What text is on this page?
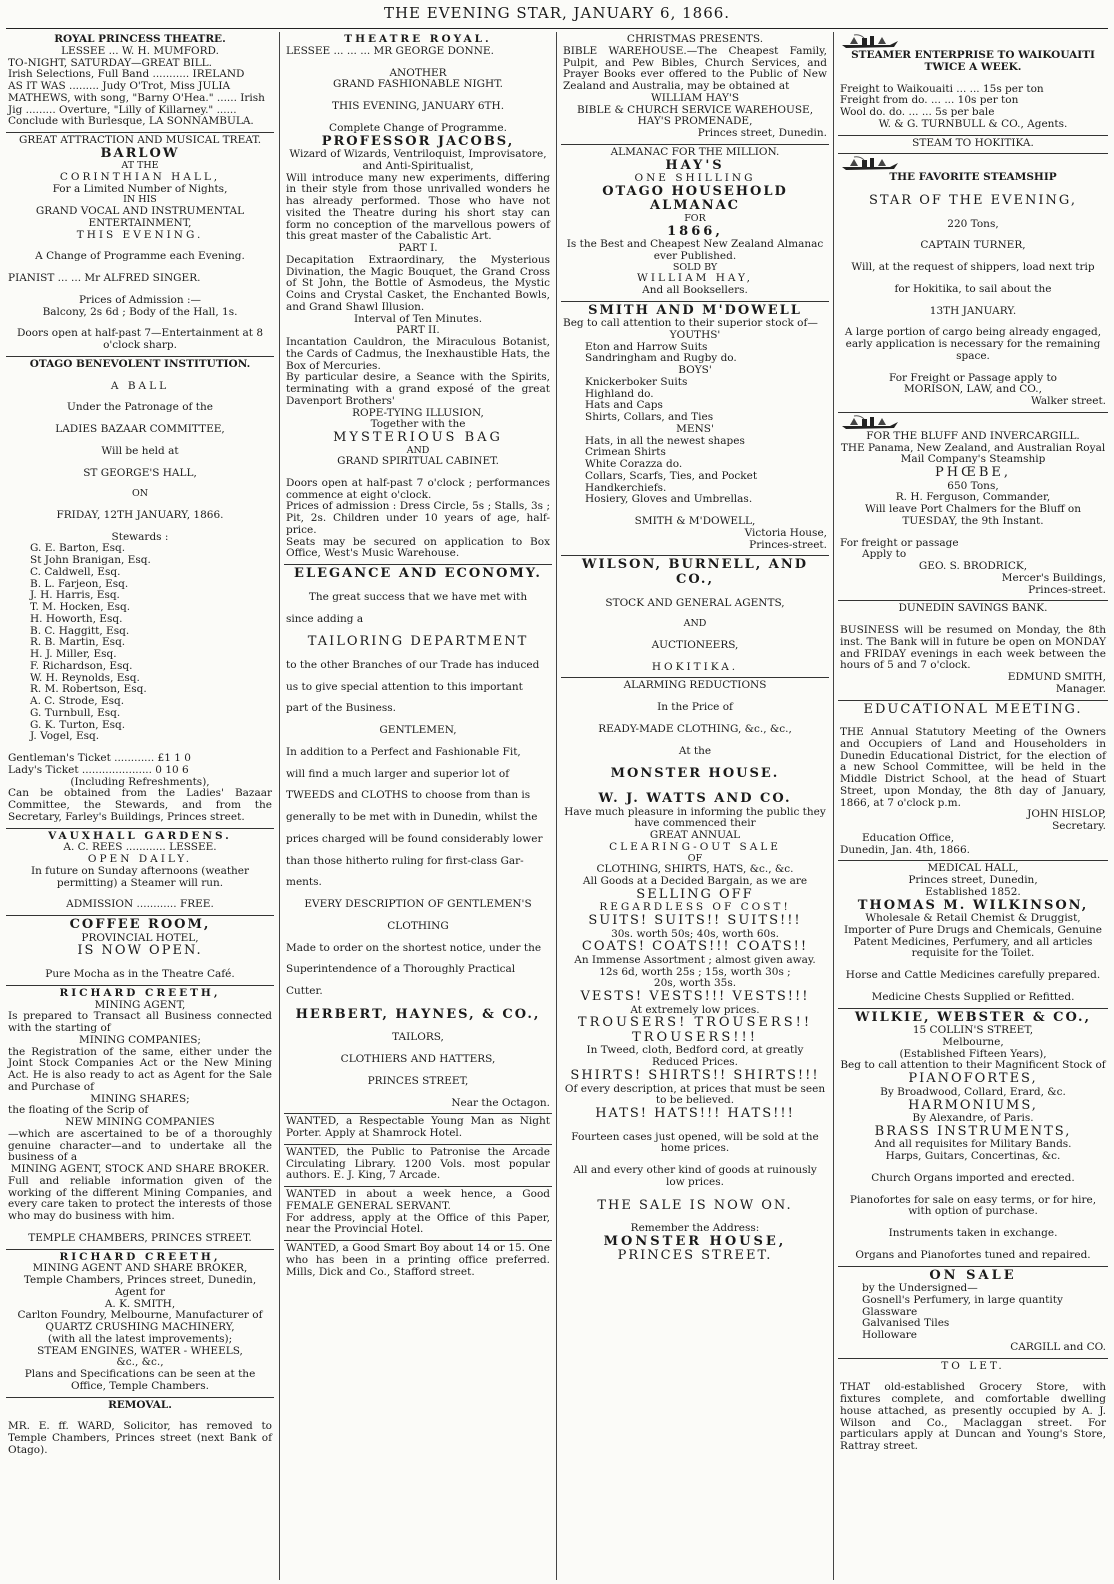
THE EVENING STAR, JANUARY 6, 1866.
ROYAL PRINCESS THEATRE.
LESSEE ... W. H. MUMFORD.
TO-NIGHT, SATURDAY—GREAT BILL.
Irish Selections, Full Band ........... IRELAND
AS IT WAS ......... Judy O'Trot, Miss JULIA
MATHEWS, with song, "Barny O'Hea." ...... Irish
Jig ......... Overture, "Lilly of Killarney." ......
Conclude with Burlesque, LA SONNAMBULA.
GREAT ATTRACTION AND MUSICAL TREAT.
BARLOW
AT THE
CORINTHIAN HALL,
For a Limited Number of Nights,
IN HIS
GRAND VOCAL AND INSTRUMENTAL
ENTERTAINMENT,
THIS EVENING.
A Change of Programme each Evening.
PIANIST ... ... Mr ALFRED SINGER.
Prices of Admission :—
Balcony, 2s 6d ; Body of the Hall, 1s.
Doors open at half-past 7—Entertainment at 8 o'clock sharp.
OTAGO BENEVOLENT INSTITUTION.
A BALL
Under the Patronage of the
LADIES BAZAAR COMMITTEE,
Will be held at
ST GEORGE'S HALL,
ON
FRIDAY, 12TH JANUARY, 1866.
Stewards :
G. E. Barton, Esq.
St John Branigan, Esq.
C. Caldwell, Esq.
B. L. Farjeon, Esq.
J. H. Harris, Esq.
T. M. Hocken, Esq.
H. Howorth, Esq.
B. C. Haggitt, Esq.
R. B. Martin, Esq.
H. J. Miller, Esq.
F. Richardson, Esq.
W. H. Reynolds, Esq.
R. M. Robertson, Esq.
A. C. Strode, Esq.
G. Turnbull, Esq.
G. K. Turton, Esq.
J. Vogel, Esq.
Gentleman's Ticket ............ £1 1 0
Lady's Ticket ..................... 0 10 6
(Including Refreshments),
Can be obtained from the Ladies' Bazaar Committee, the Stewards, and from the Secretary, Farley's Buildings, Princes street.
VAUXHALL GARDENS.
A. C. REES ............ LESSEE.
OPEN DAILY.
In future on Sunday afternoons (weather permitting) a Steamer will run.
ADMISSION ............ FREE.
COFFEE ROOM,
PROVINCIAL HOTEL,
IS NOW OPEN.
Pure Mocha as in the Theatre Café.
RICHARD CREETH,
MINING AGENT,
Is prepared to Transact all Business connected with the starting of
MINING COMPANIES;
the Registration of the same, either under the Joint Stock Companies Act or the New Mining Act. He is also ready to act as Agent for the Sale and Purchase of
MINING SHARES;
the floating of the Scrip of
NEW MINING COMPANIES
—which are ascertained to be of a thoroughly genuine character—and to undertake all the business of a
MINING AGENT, STOCK AND SHARE BROKER.
Full and reliable information given of the working of the different Mining Companies, and every care taken to protect the interests of those who may do business with him.
TEMPLE CHAMBERS, PRINCES STREET.
RICHARD CREETH,
MINING AGENT AND SHARE BROKER,
Temple Chambers, Princes street, Dunedin,
Agent for
A. K. SMITH,
Carlton Foundry, Melbourne, Manufacturer of
QUARTZ CRUSHING MACHINERY,
(with all the latest improvements);
STEAM ENGINES, WATER - WHEELS,
&c., &c.,
Plans and Specifications can be seen at the Office, Temple Chambers.
REMOVAL.
MR. E. ff. WARD, Solicitor, has removed to Temple Chambers, Princes street (next Bank of Otago).
THEATRE ROYAL.
LESSEE ... ... ... MR GEORGE DONNE.
ANOTHER
GRAND FASHIONABLE NIGHT.
THIS EVENING, JANUARY 6TH.
Complete Change of Programme.
PROFESSOR JACOBS,
Wizard of Wizards, Ventriloquist, Improvisatore,
and Anti-Spiritualist,
Will introduce many new experiments, differing in their style from those unrivalled wonders he has already performed. Those who have not visited the Theatre during his short stay can form no conception of the marvellous powers of this great master of the Cabalistic Art.
PART I.
Decapitation Extraordinary, the Mysterious Divination, the Magic Bouquet, the Grand Cross of St John, the Bottle of Asmodeus, the Mystic Coins and Crystal Casket, the Enchanted Bowls, and Grand Shawl Illusion.
Interval of Ten Minutes.
PART II.
Incantation Cauldron, the Miraculous Botanist, the Cards of Cadmus, the Inexhaustible Hats, the Box of Mercuries.
By particular desire, a Seance with the Spirits, terminating with a grand exposé of the great Davenport Brothers'
ROPE-TYING ILLUSION,
Together with the
MYSTERIOUS BAG
AND
GRAND SPIRITUAL CABINET.
Doors open at half-past 7 o'clock ; performances commence at eight o'clock.
Prices of admission : Dress Circle, 5s ; Stalls, 3s ; Pit, 2s. Children under 10 years of age, half-price.
Seats may be secured on application to Box Office, West's Music Warehouse.
ELEGANCE AND ECONOMY.
The great success that we have met with
since adding a
TAILORING DEPARTMENT
to the other Branches of our Trade has induced
us to give special attention to this important
part of the Business.
GENTLEMEN,
In addition to a Perfect and Fashionable Fit,
will find a much larger and superior lot of
TWEEDS and CLOTHS to choose from than is
generally to be met with in Dunedin, whilst the
prices charged will be found considerably lower
than those hitherto ruling for first-class Gar-
ments.
EVERY DESCRIPTION OF GENTLEMEN'S
CLOTHING
Made to order on the shortest notice, under the
Superintendence of a Thoroughly Practical
Cutter.
HERBERT, HAYNES, & CO.,
TAILORS,
CLOTHIERS AND HATTERS,
PRINCES STREET,
Near the Octagon.
WANTED, a Respectable Young Man as Night Porter. Apply at Shamrock Hotel.
WANTED, the Public to Patronise the Arcade Circulating Library. 1200 Vols. most popular authors. E. J. King, 7 Arcade.
WANTED in about a week hence, a Good FEMALE GENERAL SERVANT.
For address, apply at the Office of this Paper, near the Provincial Hotel.
WANTED, a Good Smart Boy about 14 or 15. One who has been in a printing office preferred. Mills, Dick and Co., Stafford street.
CHRISTMAS PRESENTS.
BIBLE WAREHOUSE.—The Cheapest Family, Pulpit, and Pew Bibles, Church Services, and Prayer Books ever offered to the Public of New Zealand and Australia, may be obtained at
WILLIAM HAY'S
BIBLE & CHURCH SERVICE WAREHOUSE,
HAY'S PROMENADE,
Princes street, Dunedin.
ALMANAC FOR THE MILLION.
HAY'S
ONE SHILLING
OTAGO HOUSEHOLD ALMANAC
FOR
1866,
Is the Best and Cheapest New Zealand Almanac ever Published.
SOLD BY
WILLIAM HAY,
And all Booksellers.
SMITH AND M'DOWELL
Beg to call attention to their superior stock of—
YOUTHS'
Eton and Harrow Suits
Sandringham and Rugby do.
BOYS'
Knickerboker Suits
Highland do.
Hats and Caps
Shirts, Collars, and Ties
MENS'
Hats, in all the newest shapes
Crimean Shirts
White Corazza do.
Collars, Scarfs, Ties, and Pocket Handkerchiefs.
Hosiery, Gloves and Umbrellas.
SMITH & M'DOWELL,
Victoria House,
Princes-street.
WILSON, BURNELL, AND CO.,
STOCK AND GENERAL AGENTS,
AND
AUCTIONEERS,
HOKITIKA.
ALARMING REDUCTIONS
In the Price of
READY-MADE CLOTHING, &c., &c.,
At the
MONSTER HOUSE.
W. J. WATTS AND CO.
Have much pleasure in informing the public they have commenced their
GREAT ANNUAL
CLEARING-OUT SALE
OF
CLOTHING, SHIRTS, HATS, &c., &c.
All Goods at a Decided Bargain, as we are
SELLING OFF
REGARDLESS OF COST!
SUITS! SUITS!! SUITS!!!
30s. worth 50s; 40s, worth 60s.
COATS! COATS!!! COATS!!
An Immense Assortment ; almost given away.
12s 6d, worth 25s ; 15s, worth 30s ;
20s, worth 35s.
VESTS! VESTS!!! VESTS!!!
At extremely low prices.
TROUSERS! TROUSERS!!
TROUSERS!!!
In Tweed, cloth, Bedford cord, at greatly Reduced Prices.
SHIRTS! SHIRTS!! SHIRTS!!!
Of every description, at prices that must be seen to be believed.
HATS! HATS!!! HATS!!!
Fourteen cases just opened, will be sold at the home prices.
All and every other kind of goods at ruinously low prices.
THE SALE IS NOW ON.
Remember the Address:
MONSTER HOUSE,
PRINCES STREET.
STEAMER ENTERPRISE TO WAIKOUAITI TWICE A WEEK.
Freight to Waikouaiti ... ... 15s per ton
Freight from do. ... ... 10s per ton
Wool do. do. ... ... 5s per bale
W. & G. TURNBULL & CO., Agents.
STEAM TO HOKITIKA.
THE FAVORITE STEAMSHIP
STAR OF THE EVENING,
220 Tons,
CAPTAIN TURNER,
Will, at the request of shippers, load next trip
for Hokitika, to sail about the
13TH JANUARY.
A large portion of cargo being already engaged, early application is necessary for the remaining space.
For Freight or Passage apply to
MORISON, LAW, and CO.,
Walker street.
FOR THE BLUFF AND INVERCARGILL.
THE Panama, New Zealand, and Australian Royal Mail Company's Steamship
PHŒBE,
650 Tons,
R. H. Ferguson, Commander,
Will leave Port Chalmers for the Bluff on
TUESDAY, the 9th Instant.
For freight or passage
Apply to
GEO. S. BRODRICK,
Mercer's Buildings,
Princes-street.
DUNEDIN SAVINGS BANK.
BUSINESS will be resumed on Monday, the 8th inst. The Bank will in future be open on MONDAY and FRIDAY evenings in each week between the hours of 5 and 7 o'clock.
EDMUND SMITH,
Manager.
EDUCATIONAL MEETING.
THE Annual Statutory Meeting of the Owners and Occupiers of Land and Householders in Dunedin Educational District, for the election of a new School Committee, will be held in the Middle District School, at the head of Stuart Street, upon Monday, the 8th day of January, 1866, at 7 o'clock p.m.
JOHN HISLOP,
Secretary.
Education Office,
Dunedin, Jan. 4th, 1866.
MEDICAL HALL,
Princes street, Dunedin,
Established 1852.
THOMAS M. WILKINSON,
Wholesale & Retail Chemist & Druggist,
Importer of Pure Drugs and Chemicals, Genuine Patent Medicines, Perfumery, and all articles requisite for the Toilet.
Horse and Cattle Medicines carefully prepared.
Medicine Chests Supplied or Refitted.
WILKIE, WEBSTER & CO.,
15 COLLIN'S STREET,
Melbourne,
(Established Fifteen Years),
Beg to call attention to their Magnificent Stock of
PIANOFORTES,
By Broadwood, Collard, Erard, &c.
HARMONIUMS,
By Alexandre, of Paris.
BRASS INSTRUMENTS,
And all requisites for Military Bands.
Harps, Guitars, Concertinas, &c.
Church Organs imported and erected.
Pianofortes for sale on easy terms, or for hire, with option of purchase.
Instruments taken in exchange.
Organs and Pianofortes tuned and repaired.
ON SALE
by the Undersigned—
Gosnell's Perfumery, in large quantity
Glassware
Galvanised Tiles
Holloware
CARGILL and CO.
TO LET.
THAT old-established Grocery Store, with fixtures complete, and comfortable dwelling house attached, as presently occupied by A. J. Wilson and Co., Maclaggan street. For particulars apply at Duncan and Young's Store, Rattray street.
